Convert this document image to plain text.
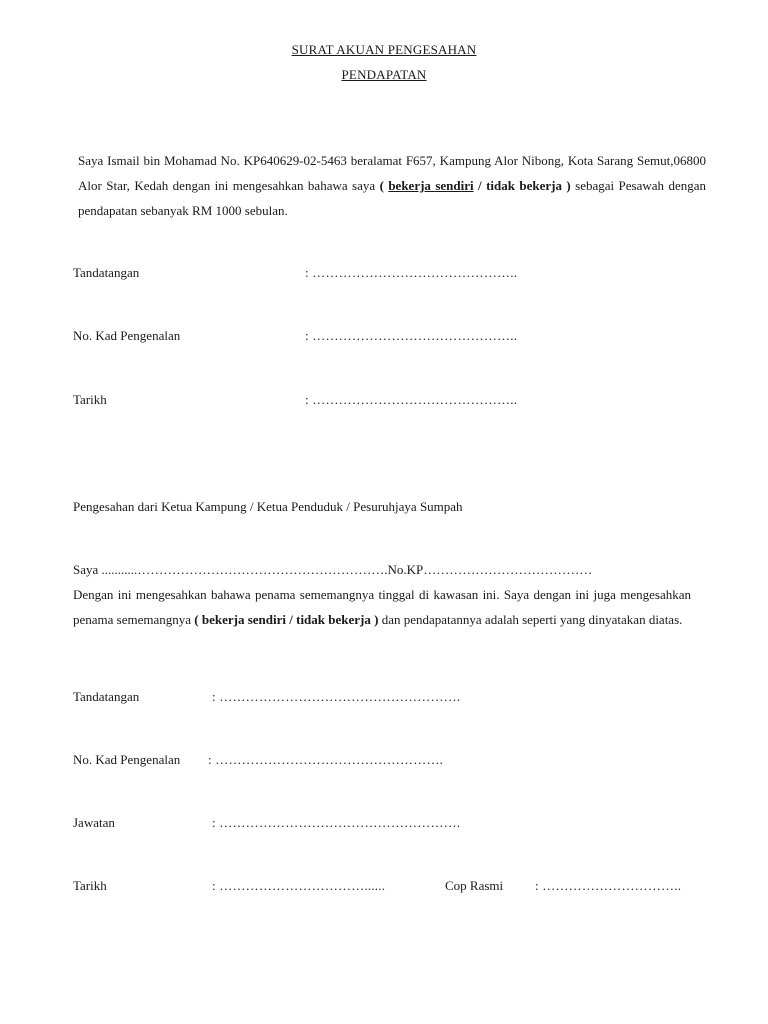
SURAT AKUAN PENGESAHAN
PENDAPATAN
Saya Ismail bin Mohamad No. KP640629-02-5463 beralamat F657, Kampung Alor Nibong, Kota Sarang Semut,06800 Alor Star, Kedah dengan ini mengesahkan bahawa saya ( bekerja sendiri / tidak bekerja ) sebagai Pesawah dengan pendapatan sebanyak RM 1000 sebulan.
Tandatangan	: ………………………………………..
No. Kad Pengenalan	: ………………………………………..
Tarikh	: ………………………………………..
Pengesahan dari Ketua Kampung / Ketua Penduduk / Pesuruhjaya Sumpah
Saya ...........………………………………………………….No.KP…………………………………
Dengan ini mengesahkan bahawa penama sememangnya tinggal di kawasan ini. Saya dengan ini juga mengesahkan penama sememangnya ( bekerja sendiri / tidak bekerja ) dan pendapatannya adalah seperti yang dinyatakan diatas.
Tandatangan	: ……………………………………………….
No. Kad Pengenalan : …………………………………………….
Jawatan	: ……………………………………………….
Tarikh	: ……………………………......	Cop Rasmi : …………………………..
